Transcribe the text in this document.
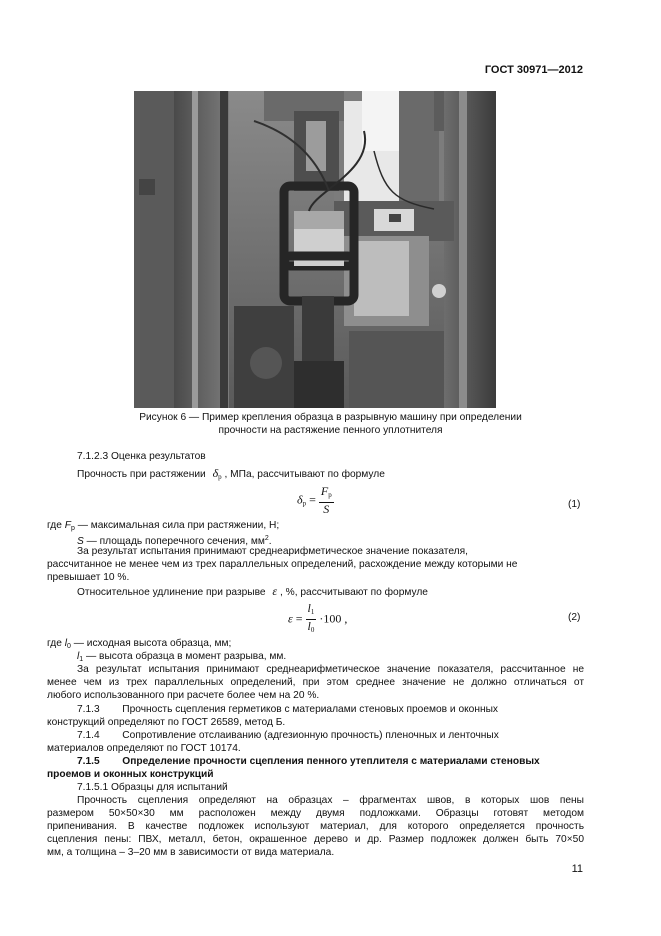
ГОСТ 30971—2012
Рисунок 6 — Пример крепления образца в разрывную машину при определении
прочности на растяжение пенного уплотнителя
7.1.2.3 Оценка результатов
Прочность при растяжении $\delta_р$ , МПа, рассчитывают по формуле
$\delta_р = \frac{F_p}{S}$	(1)
где $F_р$ — максимальная сила при растяжении, Н;
S — площадь поперечного сечения, $мм^2$.
За результат испытания принимают среднеарифметическое значение показателя,
рассчитанное не менее чем из трех параллельных определений, расхождение между которыми не
превышает 10 %.
Относительное удлинение при разрыве ε , %, рассчитывают по формуле
$\varepsilon = \frac{l_1}{l_0} \cdot 100$ ,	(2)
где $l_0$ — исходная высота образца, мм;
$l_1$ — высота образца в момент разрыва, мм.
За результат испытания принимают среднеарифметическое значение показателя, рассчитанное не
менее чем из трех параллельных определений, при этом среднее значение не должно отличаться от
любого использованного при расчете более чем на 20 %.
7.1.3        Прочность сцепления герметиков с материалами стеновых проемов и оконных
конструкций определяют по ГОСТ 26589, метод Б.
7.1.4        Сопротивление отслаиванию (адгезионную прочность) пленочных и ленточных
материалов определяют по ГОСТ 10174.
7.1.5        Определение прочности сцепления пенного утеплителя с материалами стеновых
проемов и оконных конструкций
7.1.5.1 Образцы для испытаний
Прочность сцепления определяют на образцах – фрагментах швов, в которых шов пены
размером 50×50×30 мм расположен между двумя подложками. Образцы готовят методом
припенивания. В качестве подложек используют материал, для которого определяется прочность
сцепления пены: ПВХ, металл, бетон, окрашенное дерево и др. Размер подложек должен быть 70×50
мм, а толщина – 3–20 мм в зависимости от вида материала.
11
